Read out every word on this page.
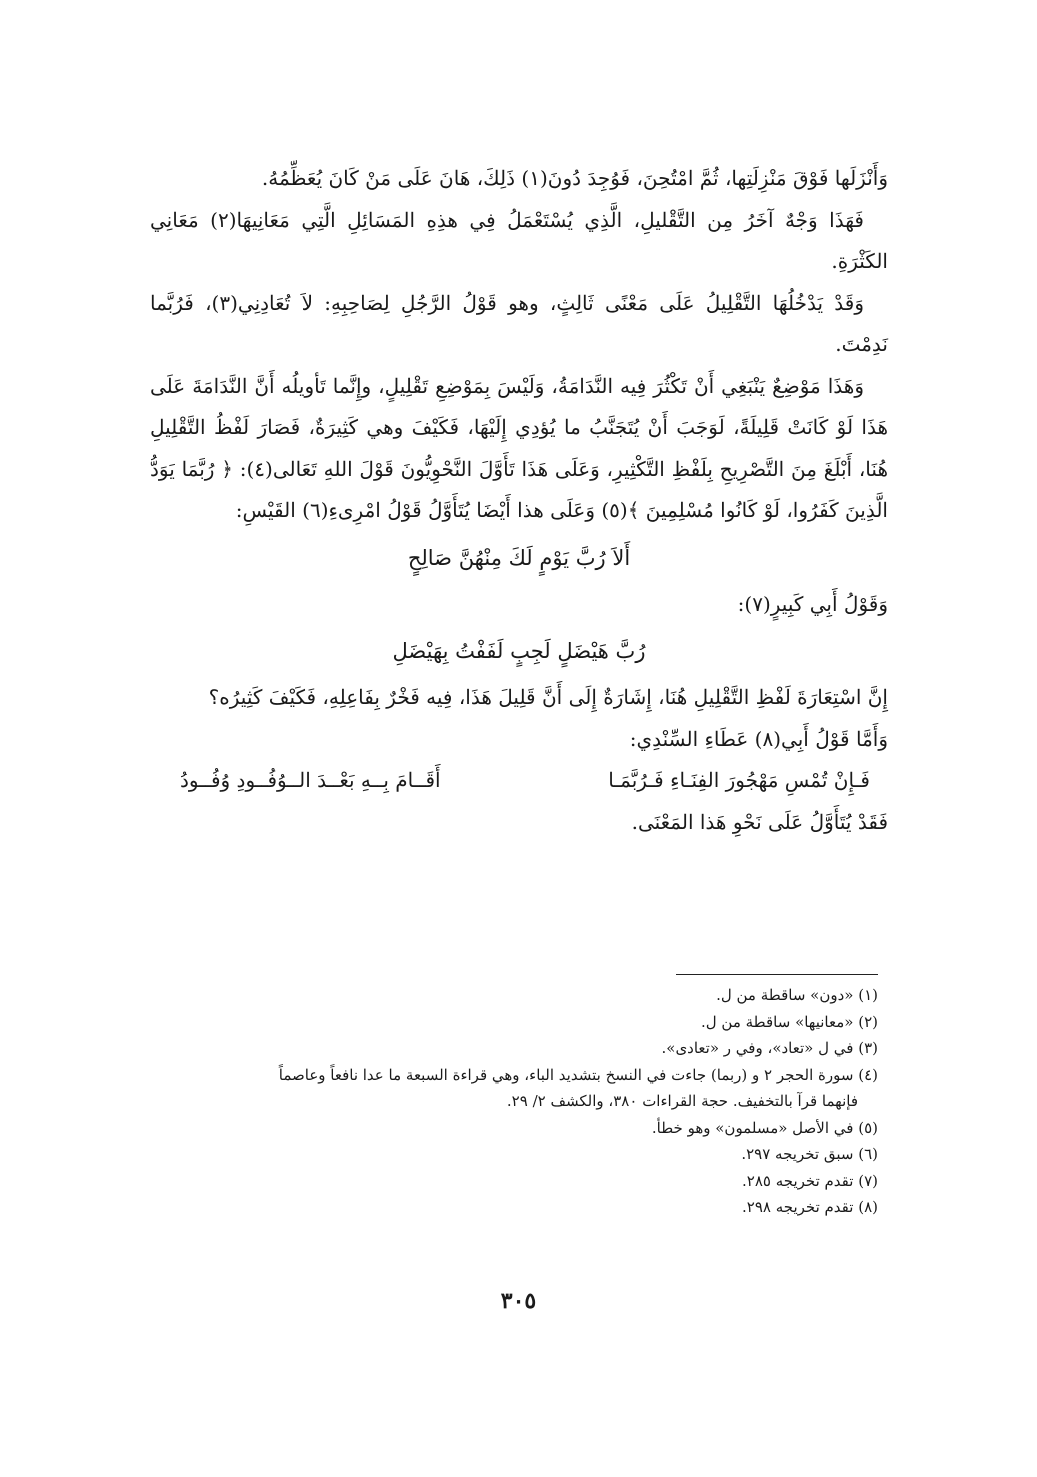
وَأَنْزَلَها فَوْقَ مَنْزِلَتِها، ثُمَّ امْتُحِنَ، فَوُجِدَ دُونَ(١) ذَلِكَ، هَانَ عَلَى مَنْ كَانَ يُعَظِّمُهُ.

فَهَذَا وَجْهٌ آخَرُ مِن التَّقْليلِ، الَّذِي يُسْتَعْمَلُ فِي هذِهِ المَسَائِلِ الَّتِي مَعَانِيهَا(٢) مَعَانِي الكَثْرَةِ.

وَقَدْ يَدْخُلُهَا التَّقْلِيلُ عَلَى مَعْنًى ثَالِثٍ، وهو قَوْلُ الرَّجُلِ لِصَاحِبِهِ: لاَ تُعَادِنِي(٣)، فَرُبَّما نَدِمْتَ.

وَهَذَا مَوْضِعٌ يَنْبَغِي أَنْ تَكْثُرَ فِيه النَّدَامَةُ، وَلَيْسَ بِمَوْضِعِ تَقْلِيلٍ، وإِنَّما تَأويلُه أَنَّ النَّدَامَةَ عَلَى هَذَا لَوْ كَانَتْ قَلِيلَةً، لَوَجَبَ أَنْ يُتَجَنَّبُ ما يُؤدِي إِلَيْهَا، فَكَيْفَ وهي كَثِيرَةٌ، فَصَارَ لَفْظُ التَّقْلِيلِ هُنَا، أَبْلَغَ مِنَ التَّصْرِيحِ بِلَفْظِ التَّكْثِيرِ، وَعَلَى هَذَا تَأَوَّلَ النَّحْوِيُّونَ قَوْلَ اللهِ تَعَالى(٤): ﴿ رُبَّمَا يَوَدُّ الَّذِينَ كَفَرُوا، لَوْ كَانُوا مُسْلِمِينَ ﴾(٥) وَعَلَى هذا أَيْضَا يُتَأَوَّلُ قَوْلُ امْرِىءِ(٦) القَيْسِ:

أَلاَ رُبَّ يَوْمٍ لَكَ مِنْهُنَّ صَالِحٍ

وَقَوْلُ أَبِي كَبِيرٍ(٧):

رُبَّ هَيْضَلٍ لَجِبٍ لَفَفْتُ بِهَيْضَلِ

إِنَّ اسْتِعَارَةَ لَفْظِ التَّقْلِيلِ هُنَا، إِشَارَةٌ إِلَى أَنَّ قَلِيلَ هَذَا، فِيه فَخْرٌ بِفَاعِلِهِ، فَكَيْفَ كَثِيرُه؟

وَأَمَّا قَوْلُ أَبِي(٨) عَطَاءِ السِّنْدِي:

فَـإِنْ تُمْسِ مَهْجُورَ الفِنَـاءِ فَـرُبَّمَـا
أَقَــامَ بِــهِ بَعْــدَ الــوُفُــودِ وُفُــودُ

فَقَدْ يُتَأَوَّلُ عَلَى نَحْوِ هَذا المَعْنَى.

(١) «دون» ساقطة من ل.

(٢) «معانيها» ساقطة من ل.

(٣) في ل «تعاد»، وفي ر «تعادى».

(٤) سورة الحجر ٢ و (ربما) جاءت في النسخ بتشديد الباء، وهي قراءة السبعة ما عدا نافعاً وعاصماً

فإنهما قرآ بالتخفيف. حجة القراءات ٣٨٠، والكشف ٢/ ٢٩.

(٥) في الأصل «مسلمون» وهو خطأ.

(٦) سبق تخريجه ٢٩٧.

(٧) تقدم تخريجه ٢٨٥.

(٨) تقدم تخريجه ٢٩٨.

٣٠٥
